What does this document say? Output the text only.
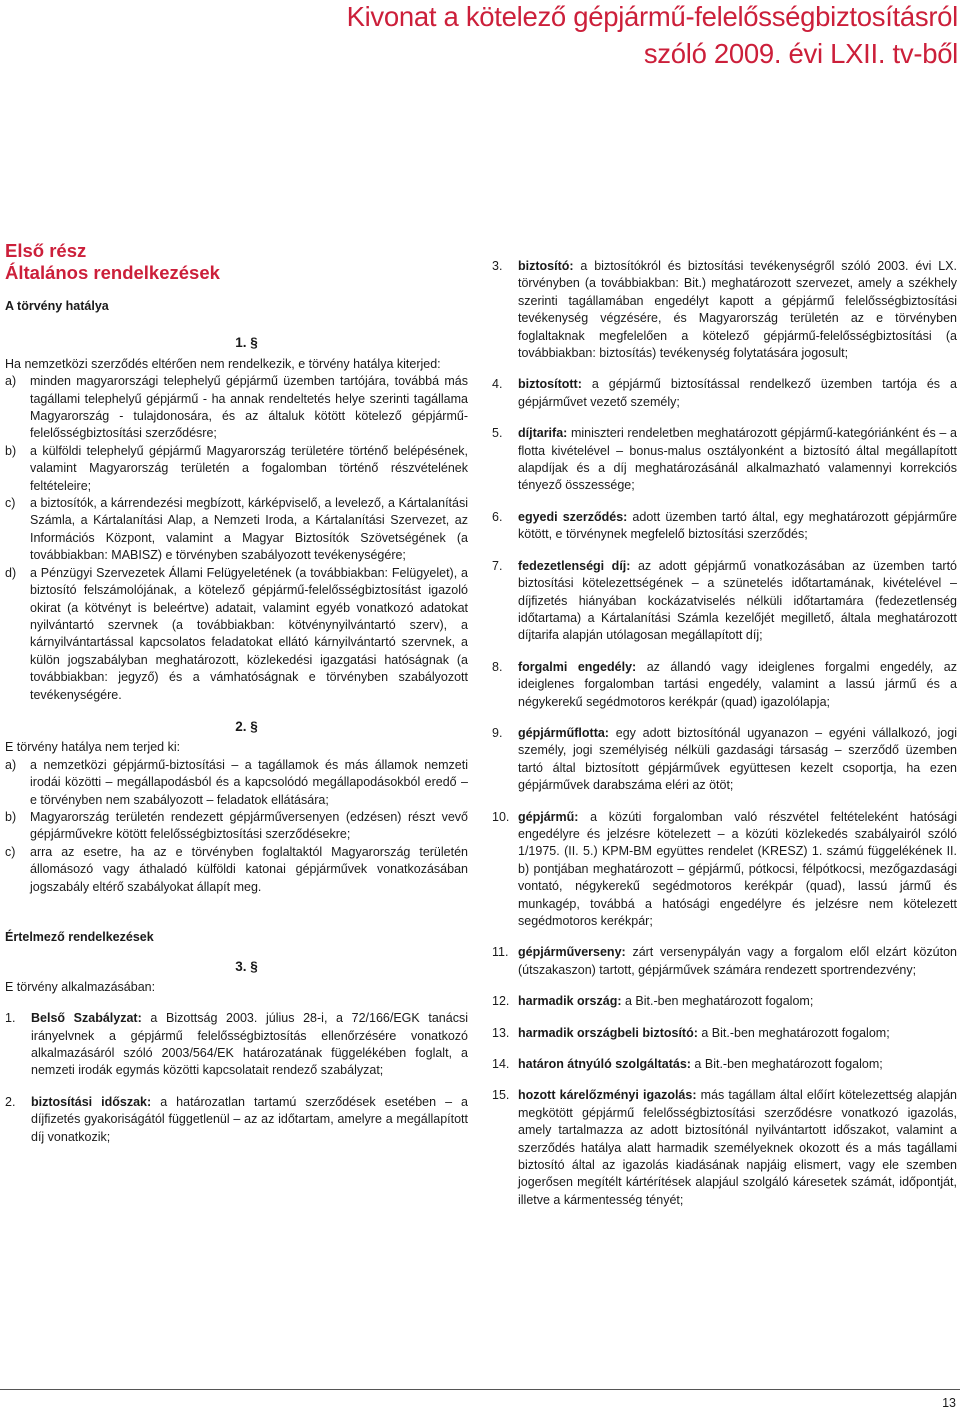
Kivonat a kötelező gépjármű-felelősségbiztosításról
szóló 2009. évi LXII. tv-ből
Első rész
Általános rendelkezések

A törvény hatálya

1. §

Ha nemzetközi szerződés eltérően nem rendelkezik, e törvény hatálya kiterjed:

a)	minden magyarországi telephelyű gépjármű üzemben tartójára, továbbá más tagállami telephelyű gépjármű - ha annak rendeltetés helye szerinti tagállama Magyarország - tulajdonosára, és az általuk kötött kötelező gépjármű-felelősségbiztosítási szerződésre;
b)	a külföldi telephelyű gépjármű Magyarország területére történő belépésének, valamint Magyarország területén a fogalomban történő részvételének feltételeire;
c)	a biztosítók, a kárrendezési megbízott, kárképviselő, a levelező, a Kártalanítási Számla, a Kártalanítási Alap, a Nemzeti Iroda, a Kártalanítási Szervezet, az Információs Központ, valamint a Magyar Biztosítók Szövetségének (a továbbiakban: MABISZ) e törvényben szabályozott tevékenységére;
d)	a Pénzügyi Szervezetek Állami Felügyeletének (a továbbiakban: Felügyelet), a biztosító felszámolójának, a kötelező gépjármű-felelősségbiztosítást igazoló okirat (a kötvényt is beleértve) adatait, valamint egyéb vonatkozó adatokat nyilvántartó szervnek (a továbbiakban: kötvénynyilvántartó szerv), a kárnyilvántartással kapcsolatos feladatokat ellátó kárnyilvántartó szervnek, a külön jogszabályban meghatározott, közlekedési igazgatási hatóságnak (a továbbiakban: jegyző) és a vámhatóságnak e törvényben szabályozott tevékenységére.

2. §

E törvény hatálya nem terjed ki:

a)	a nemzetközi gépjármű-biztosítási – a tagállamok és más államok nemzeti irodái közötti – megállapodásból és a kapcsolódó megállapodásokból eredő – e törvényben nem szabályozott – feladatok ellátására;
b)	Magyarország területén rendezett gépjárműversenyen (edzésen) részt vevő gépjárművekre kötött felelősségbiztosítási szerződésekre;
c)	arra az esetre, ha az e törvényben foglaltaktól Magyarország területén állomásozó vagy áthaladó külföldi katonai gépjárművek vonatkozásában jogszabály eltérő szabályokat állapít meg.

Értelmező rendelkezések

3. §

E törvény alkalmazásában:

1.	Belső Szabályzat: a Bizottság 2003. július 28-i, a 72/166/EGK tanácsi irányelvnek a gépjármű felelősségbiztosítás ellenőrzésére vonatkozó alkalmazásáról szóló 2003/564/EK határozatának függelékében foglalt, a nemzeti irodák egymás közötti kapcsolatait rendező szabályzat;
2.	biztosítási időszak: a határozatlan tartamú szerződések esetében – a díjfizetés gyakoriságától függetlenül – az az időtartam, amelyre a megállapított díj vonatkozik;
3.	biztosító: a biztosítókról és biztosítási tevékenységről szóló 2003. évi LX. törvényben (a továbbiakban: Bit.) meghatározott szervezet, amely a székhely szerinti tagállamában engedélyt kapott a gépjármű felelősségbiztosítási tevékenység végzésére, és Magyarország területén az e törvényben foglaltaknak megfelelően a kötelező gépjármű-felelősségbiztosítási (a továbbiakban: biztosítás) tevékenység folytatására jogosult;
4.	biztosított: a gépjármű biztosítással rendelkező üzemben tartója és a gépjárművet vezető személy;
5.	díjtarifa: miniszteri rendeletben meghatározott gépjármű-kategóriánként és – a flotta kivételével – bonus-malus osztályonként a biztosító által megállapított alapdíjak és a díj meghatározásánál alkalmazható valamennyi korrekciós tényező összessége;
6.	egyedi szerződés: adott üzemben tartó által, egy meghatározott gépjárműre kötött, e törvénynek megfelelő biztosítási szerződés;
7.	fedezetlenségi díj: az adott gépjármű vonatkozásában az üzemben tartó biztosítási kötelezettségének – a szünetelés időtartamának, kivételével – díjfizetés hiányában kockázatviselés nélküli időtartamára (fedezetlenség időtartama) a Kártalanítási Számla kezelőjét megillető, általa meghatározott díjtarifa alapján utólagosan megállapított díj;
8.	forgalmi engedély: az állandó vagy ideiglenes forgalmi engedély, az ideiglenes forgalomban tartási engedély, valamint a lassú jármű és a négykerekű segédmotoros kerékpár (quad) igazolólapja;
9.	gépjárműflotta: egy adott biztosítónál ugyanazon – egyéni vállalkozó, jogi személy, jogi személyiség nélküli gazdasági társaság – szerződő üzemben tartó által biztosított gépjárművek együttesen kezelt csoportja, ha ezen gépjárművek darabszáma eléri az ötöt;
10. gépjármű: a közúti forgalomban való részvétel feltételeként hatósági engedélyre és jelzésre kötelezett – a közúti közlekedés szabályairól szóló 1/1975. (II. 5.) KPM-BM együttes rendelet (KRESZ) 1. számú függelékének II. b) pontjában meghatározott – gépjármű, pótkocsi, félpótkocsi, mezőgazdasági vontató, négykerekű segédmotoros kerékpár (quad), lassú jármű és munkagép, továbbá a hatósági engedélyre és jelzésre nem kötelezett segédmotoros kerékpár;
11. gépjárműverseny: zárt versenypályán vagy a forgalom elől elzárt közúton (útszakaszon) tartott, gépjárművek számára rendezett sportrendezvény;
12. harmadik ország: a Bit.-ben meghatározott fogalom;
13. harmadik országbeli biztosító: a Bit.-ben meghatározott fogalom;
14. határon átnyúló szolgáltatás: a Bit.-ben meghatározott fogalom;
15. hozott kárelőzményi igazolás: más tagállam által előírt kötelezettség alapján megkötött gépjármű felelősségbiztosítási szerződésre vonatkozó igazolás, amely tartalmazza az adott biztosítónál nyilvántartott időszakot, valamint a szerződés hatálya alatt harmadik személyeknek okozott és a más tagállami biztosító által az igazolás kiadásának napjáig elismert, vagy ele szemben jogerősen megítélt kártérítések alapjául szolgáló káresetek számát, időpontját, illetve a kármentesség tényét;
13
